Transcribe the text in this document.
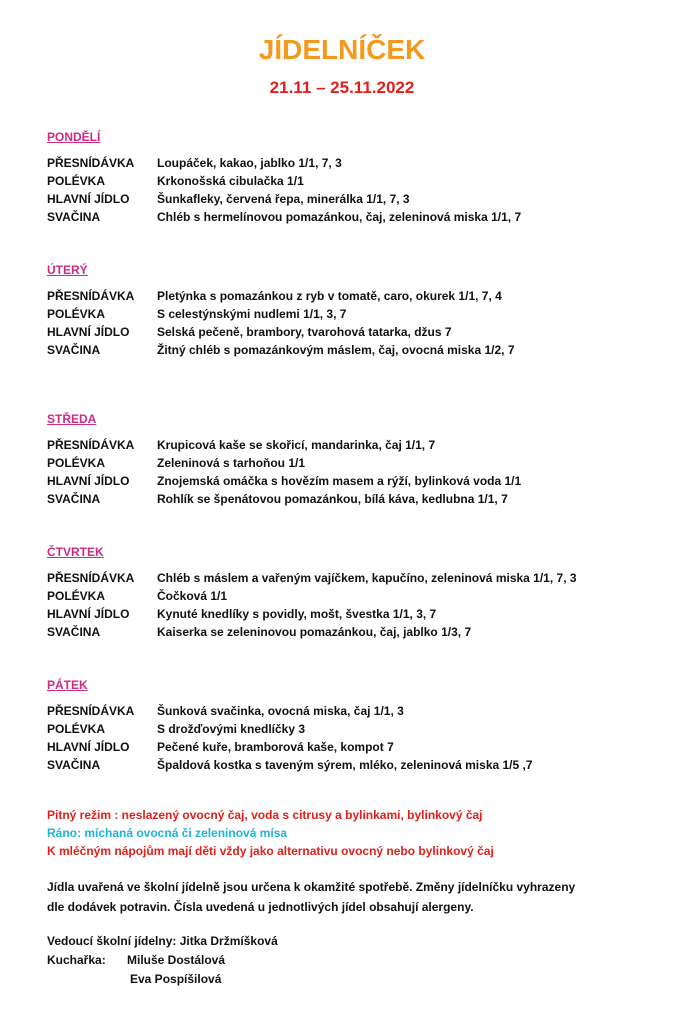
JÍDELNÍČEK
21.11 – 25.11.2022
PONDĚLÍ
PŘESNÍDÁVKA Loupáček, kakao, jablko 1/1, 7, 3
POLÉVKA	Krkonošská cibulačka 1/1
HLAVNÍ JÍDLO Šunkafleky, červená řepa, minerálka 1/1, 7, 3
SVAČINA	Chléb s hermelínovou pomazánkou, čaj, zeleninová miska 1/1, 7
ÚTERÝ
PŘESNÍDÁVKA Pletýnka s pomazánkou z ryb v tomatě, caro, okurek 1/1, 7, 4
POLÉVKA	S celestýnskými nudlemi 1/1, 3, 7
HLAVNÍ JÍDLO Selská pečeně, brambory, tvarohová tatarka, džus 7
SVAČINA	Žitný chléb s pomazánkovým máslem, čaj, ovocná miska 1/2, 7
STŘEDA
PŘESNÍDÁVKA Krupicová kaše se skořicí, mandarinka, čaj 1/1, 7
POLÉVKA	Zeleninová s tarhoňou 1/1
HLAVNÍ JÍDLO Znojemská omáčka s hovězím masem a rýží, bylinková voda 1/1
SVAČINA	Rohlík se špenátovou pomazánkou, bílá káva, kedlubna 1/1, 7
ČTVRTEK
PŘESNÍDÁVKA Chléb s máslem a vařeným vajíčkem, kapučíno, zeleninová miska 1/1, 7, 3
POLÉVKA	Čočková 1/1
HLAVNÍ JÍDLO Kynuté knedlíky s povidly, mošt, švestka 1/1, 3, 7
SVAČINA	Kaiserka se zeleninovou pomazánkou, čaj, jablko 1/3, 7
PÁTEK
PŘESNÍDÁVKA Šunková svačinka, ovocná miska, čaj 1/1, 3
POLÉVKA	S drožďovými knedlíčky 3
HLAVNÍ JÍDLO Pečené kuře, bramborová kaše, kompot 7
SVAČINA	Špaldová kostka s taveným sýrem, mléko, zeleninová miska 1/5 ,7
Pitný režim : neslazený ovocný čaj, voda s citrusy a bylinkami, bylinkový čaj
Ráno: míchaná ovocná či zeleninová mísa
K mléčným nápojům mají děti vždy jako alternativu ovocný nebo bylinkový čaj
Jídla uvařená ve školní jídelně jsou určena k okamžité spotřebě. Změny jídelníčku vyhrazeny
dle dodávek potravin. Čísla uvedená u jednotlivých jídel obsahují alergeny.
Vedoucí školní jídelny: Jitka Držmíšková
Kuchařka: Miluše Dostálová
Eva Pospíšilová
